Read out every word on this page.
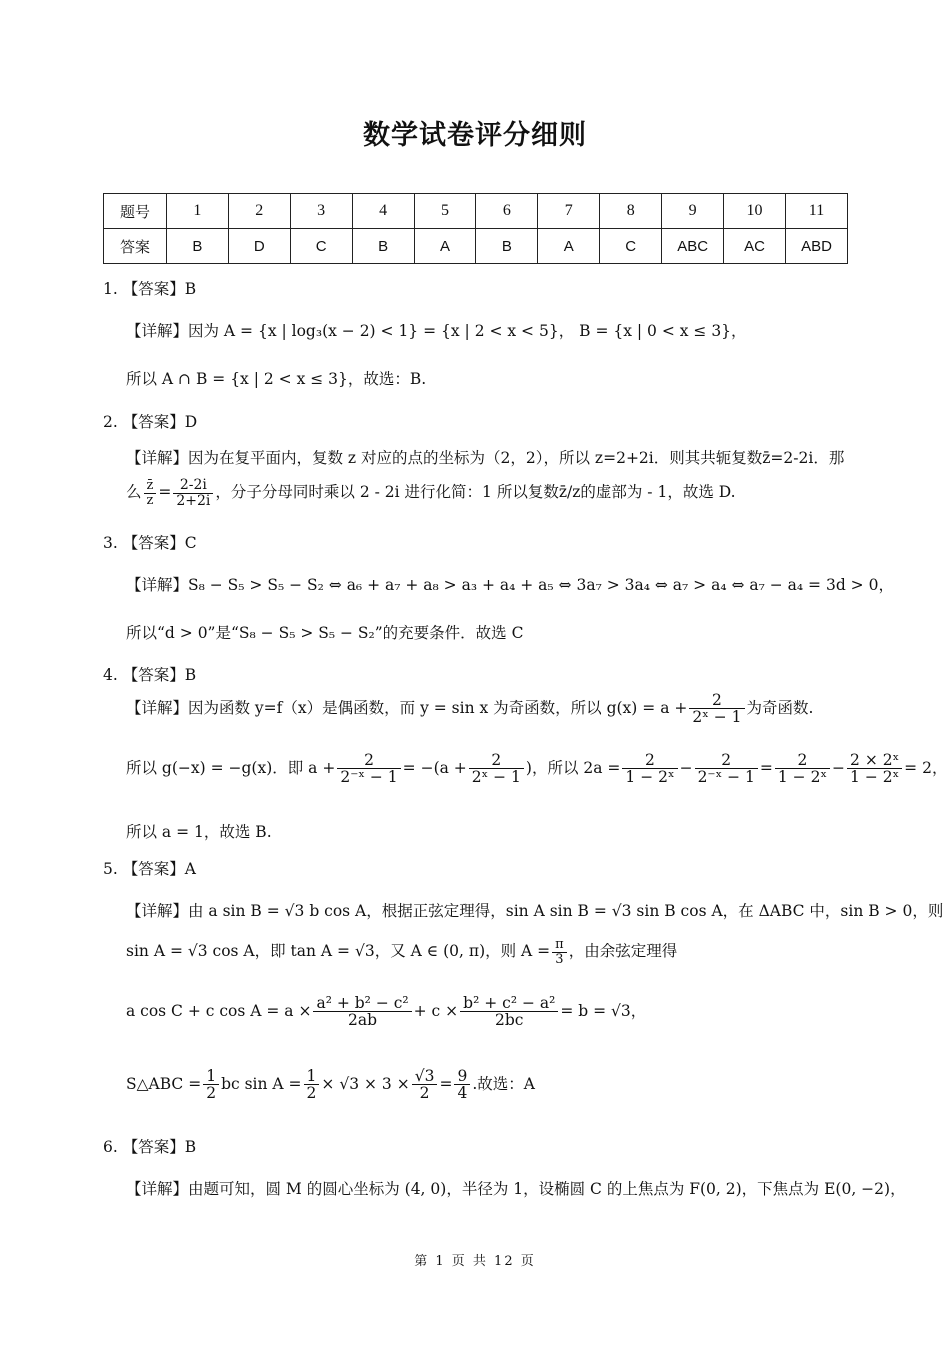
数学试卷评分细则
题号	1	2	3	4	5	6	7	8	9	10	11
答案	B	D	C	B	A	B	A	C	ABC	AC	ABD
1. 【答案】B
【详解】因为 A = {x | log₃(x − 2) < 1} = {x | 2 < x < 5}， B = {x | 0 < x ≤ 3}，
所以 A ∩ B = {x | 2 < x ≤ 3}，故选：B.
2. 【答案】D
【详解】因为在复平面内，复数 z 对应的点的坐标为（2，2），所以 z=2+2i．则其共轭复数z̄=2-2i．那
么 $\frac{z̄}{z} = \frac{2-2i}{2+2i}$ ，分子分母同时乘以 2 - 2i 进行化简：1 所以复数z̄/z的虚部为 - 1，故选 D.
3. 【答案】C
【详解】S₈ − S₅ > S₅ − S₂ ⇔ a₆ + a₇ + a₈ > a₃ + a₄ + a₅ ⇔ 3a₇ > 3a₄ ⇔ a₇ > a₄ ⇔ a₇ − a₄ = 3d > 0，
所以“d > 0”是“S₈ − S₅ > S₅ − S₂”的充要条件．故选 C
4. 【答案】B
【详解】因为函数 y=f（x）是偶函数，而 y = sin x 为奇函数，所以 $g(x) = a + \frac{2}{\text{2ˣ − 1}}$ 为奇函数.
所以 g(−x) = −g(x)．即 $a + \frac{2}{\text{2⁻ˣ − 1}} = -(a + \frac{2}{\text{2ˣ − 1}}$ )，所以 $2a = \frac{2}{\text{1 − 2ˣ}} - \frac{2}{\text{2⁻ˣ − 1}} = \frac{2}{\text{1 − 2ˣ}} - \frac{\text{2 × 2ˣ}}{\text{1 − 2ˣ}} = 2$，
所以 a = 1，故选 B.
5. 【答案】A
【详解】由 a sin B = √3 b cos A，根据正弦定理得，sin A sin B = √3 sin B cos A，在 ΔABC 中，sin B > 0，则
sin A = √3 cos A，即 tan A = √3，又 A ∈ (0, π)，则 $A = \frac{\pi}{3}$ ，由余弦定理得
a cos C + c $\cos A = a \times \frac{\text{a² + b² − c²}}{2ab} + c \times \frac{\text{b² + c² − a²}}{2bc} = b = √3$，
S△ABC = $\frac{1}{2}$ bc $\sin A = \frac{1}{2} \times √3 \times 3 \times \frac{√3}{2} = \frac{9}{4}$ .故选：A
6. 【答案】B
【详解】由题可知，圆 M 的圆心坐标为 (4, 0)，半径为 1，设椭圆 C 的上焦点为 F(0, 2)，下焦点为 E(0, −2)，
第 1 页 共 12 页
